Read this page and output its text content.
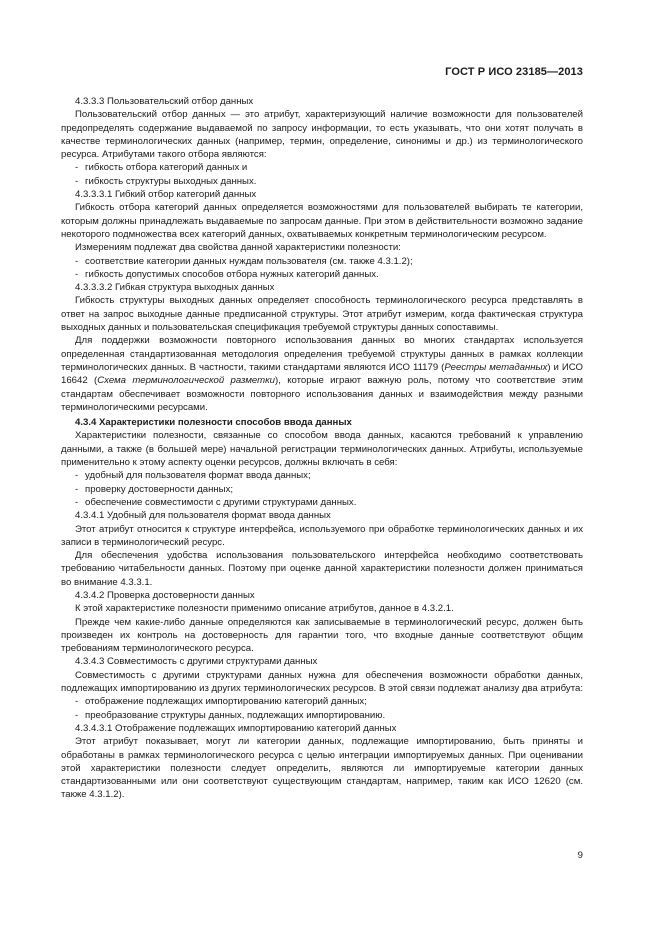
ГОСТ Р ИСО 23185—2013

4.3.3.3 Пользовательский отбор данных

Пользовательский отбор данных — это атрибут, характеризующий наличие возможности для пользователей предопределять содержание выдаваемой по запросу информации, то есть указывать, что они хотят получать в качестве терминологических данных (например, термин, определение, синонимы и др.) из терминологического ресурса. Атрибутами такого отбора являются:

- гибкость отбора категорий данных и

- гибкость структуры выходных данных.

4.3.3.3.1 Гибкий отбор категорий данных

Гибкость отбора категорий данных определяется возможностями для пользователей выбирать те категории, которым должны принадлежать выдаваемые по запросам данные. При этом в действительности возможно задание некоторого подмножества всех категорий данных, охватываемых конкретным терминологическим ресурсом.

Измерениям подлежат два свойства данной характеристики полезности:

- соответствие категории данных нуждам пользователя (см. также 4.3.1.2);

- гибкость допустимых способов отбора нужных категорий данных.

4.3.3.3.2 Гибкая структура выходных данных

Гибкость структуры выходных данных определяет способность терминологического ресурса представлять в ответ на запрос выходные данные предписанной структуры. Этот атрибут измерим, когда фактическая структура выходных данных и пользовательская спецификация требуемой структуры данных сопоставимы.

Для поддержки возможности повторного использования данных во многих стандартах используется определенная стандартизованная методология определения требуемой структуры данных в рамках коллекции терминологических данных. В частности, такими стандартами являются ИСО 11179 (Реестры метаданных) и ИСО 16642 (Схема терминологической разметки), которые играют важную роль, потому что соответствие этим стандартам обеспечивает возможности повторного использования данных и взаимодействия между разными терминологическими ресурсами.

4.3.4 Характеристики полезности способов ввода данных

Характеристики полезности, связанные со способом ввода данных, касаются требований к управлению данными, а также (в большей мере) начальной регистрации терминологических данных. Атрибуты, используемые применительно к этому аспекту оценки ресурсов, должны включать в себя:

- удобный для пользователя формат ввода данных;

- проверку достоверности данных;

- обеспечение совместимости с другими структурами данных.

4.3.4.1 Удобный для пользователя формат ввода данных

Этот атрибут относится к структуре интерфейса, используемого при обработке терминологических данных и их записи в терминологический ресурс.

Для обеспечения удобства использования пользовательского интерфейса необходимо соответствовать требованию читабельности данных. Поэтому при оценке данной характеристики полезности должен приниматься во внимание 4.3.3.1.

4.3.4.2 Проверка достоверности данных

К этой характеристике полезности применимо описание атрибутов, данное в 4.3.2.1.

Прежде чем какие-либо данные определяются как записываемые в терминологический ресурс, должен быть произведен их контроль на достоверность для гарантии того, что входные данные соответствуют общим требованиям терминологического ресурса.

4.3.4.3 Совместимость с другими структурами данных

Совместимость с другими структурами данных нужна для обеспечения возможности обработки данных, подлежащих импортированию из других терминологических ресурсов. В этой связи подлежат анализу два атрибута:

- отображение подлежащих импортированию категорий данных;

- преобразование структуры данных, подлежащих импортированию.

4.3.4.3.1 Отображение подлежащих импортированию категорий данных

Этот атрибут показывает, могут ли категории данных, подлежащие импортированию, быть приняты и обработаны в рамках терминологического ресурса с целью интеграции импортируемых данных. При оценивании этой характеристики полезности следует определить, являются ли импортируемые категории данных стандартизованными или они соответствуют существующим стандартам, например, таким как ИСО 12620 (см. также 4.3.1.2).

9
